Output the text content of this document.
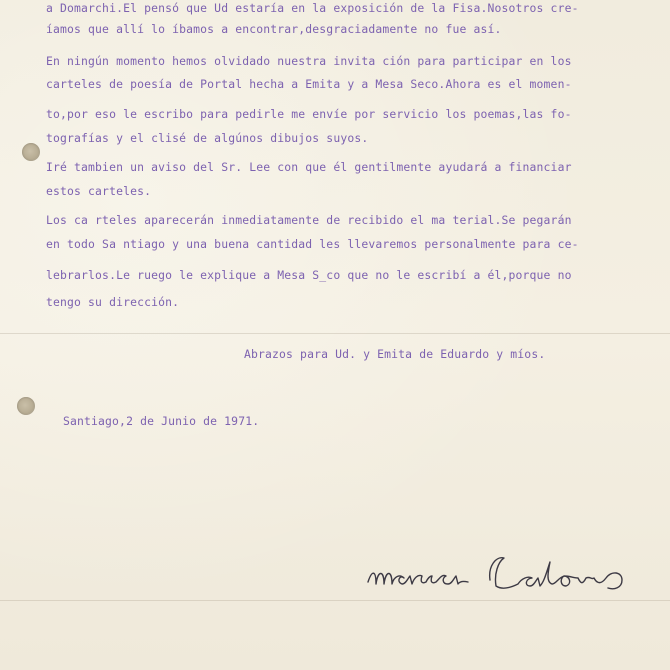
a Domarchi.El pensó que Ud estaría en la exposición de la Fisa.Nosotros cre-

íamos que allí lo íbamos a encontrar,desgraciadamente no fue así.

En ningún momento hemos olvidado nuestra invita ción para participar en los

carteles de poesía de Portal hecha a Emita y a Mesa Seco.Ahora es el momen-

to,por eso le escribo para pedirle me envíe por servicio los poemas,las fo-

tografías y el clisé de algúnos dibujos suyos.

Iré tambien un aviso del Sr. Lee con que él gentilmente ayudará a financiar

estos carteles.

Los ca rteles aparecerán inmediatamente de recibido el ma terial.Se pegarán

en todo Sa ntiago y una buena cantidad les llevaremos personalmente para ce-

lebrarlos.Le ruego le explique a Mesa S_co que no le escribí a él,porque no

tengo su dirección.

Abrazos para Ud. y Emita de Eduardo y míos.

Santiago,2 de Junio de 1971.
